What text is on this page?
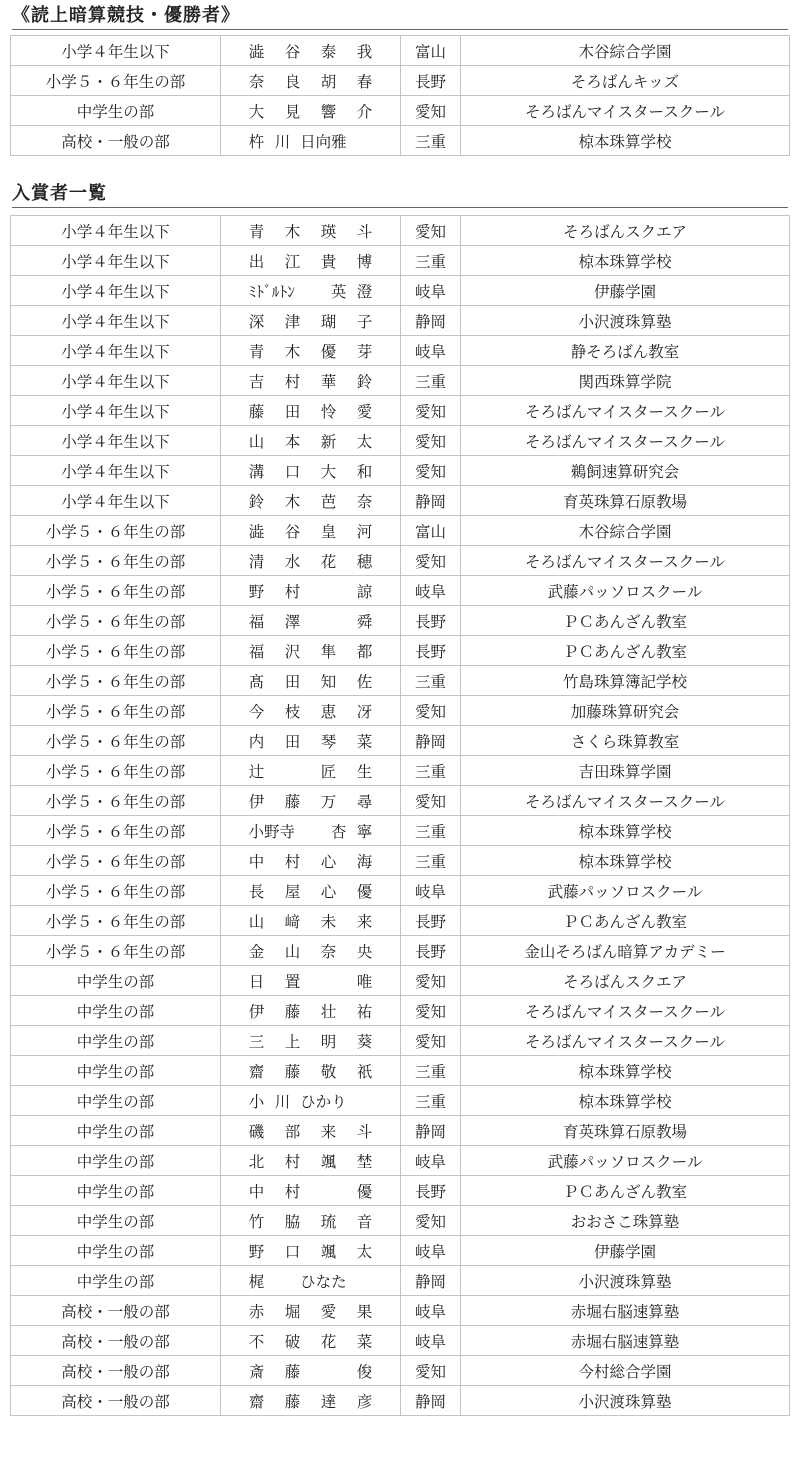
《読上暗算競技・優勝者》
小学４年生以下	澁 谷 泰 我	富山	木谷綜合学園
小学５・６年生の部	奈 良 胡 春	長野	そろばんキッズ
中学生の部	大 見 響 介	愛知	そろばんマイスタースクール
高校・一般の部	杵 川 日向雅	三重	椋本珠算学校
入賞者一覧
小学４年生以下	青 木 瑛 斗	愛知	そろばんスクエア
小学４年生以下	出 江 貴 博	三重	椋本珠算学校
小学４年生以下	ﾐﾄﾞﾙﾄﾝ 英 澄	岐阜	伊藤学園
小学４年生以下	深 津 瑚 子	静岡	小沢渡珠算塾
小学４年生以下	青 木 優 芽	岐阜	静そろばん教室
小学４年生以下	吉 村 華 鈴	三重	関西珠算学院
小学４年生以下	藤 田 怜 愛	愛知	そろばんマイスタースクール
小学４年生以下	山 本 新 太	愛知	そろばんマイスタースクール
小学４年生以下	溝 口 大 和	愛知	鵜飼速算研究会
小学４年生以下	鈴 木 芭 奈	静岡	育英珠算石原教場
小学５・６年生の部	澁 谷 皇 河	富山	木谷綜合学園
小学５・６年生の部	清 水 花 穂	愛知	そろばんマイスタースクール
小学５・６年生の部	野 村 諒	岐阜	武藤パッソロスクール
小学５・６年生の部	福 澤 舜	長野	ＰＣあんざん教室
小学５・６年生の部	福 沢 隼 都	長野	ＰＣあんざん教室
小学５・６年生の部	髙 田 知 佐	三重	竹島珠算簿記学校
小学５・６年生の部	今 枝 恵 冴	愛知	加藤珠算研究会
小学５・６年生の部	内 田 琴 菜	静岡	さくら珠算教室
小学５・６年生の部	辻 匠 生	三重	吉田珠算学園
小学５・６年生の部	伊 藤 万 尋	愛知	そろばんマイスタースクール
小学５・６年生の部	小野寺 杏 寧	三重	椋本珠算学校
小学５・６年生の部	中 村 心 海	三重	椋本珠算学校
小学５・６年生の部	長 屋 心 優	岐阜	武藤パッソロスクール
小学５・６年生の部	山 﨑 未 来	長野	ＰＣあんざん教室
小学５・６年生の部	金 山 奈 央	長野	金山そろばん暗算アカデミー
中学生の部	日 置 唯	愛知	そろばんスクエア
中学生の部	伊 藤 壮 祐	愛知	そろばんマイスタースクール
中学生の部	三 上 明 葵	愛知	そろばんマイスタースクール
中学生の部	齋 藤 敬 祇	三重	椋本珠算学校
中学生の部	小 川 ひかり	三重	椋本珠算学校
中学生の部	磯 部 来 斗	静岡	育英珠算石原教場
中学生の部	北 村 颯 埜	岐阜	武藤パッソロスクール
中学生の部	中 村 優	長野	ＰＣあんざん教室
中学生の部	竹 脇 琉 音	愛知	おおさこ珠算塾
中学生の部	野 口 颯 太	岐阜	伊藤学園
中学生の部	梶 ひなた	静岡	小沢渡珠算塾
高校・一般の部	赤 堀 愛 果	岐阜	赤堀右脳速算塾
高校・一般の部	不 破 花 菜	岐阜	赤堀右脳速算塾
高校・一般の部	斎 藤 俊	愛知	今村総合学園
高校・一般の部	齋 藤 達 彦	静岡	小沢渡珠算塾
